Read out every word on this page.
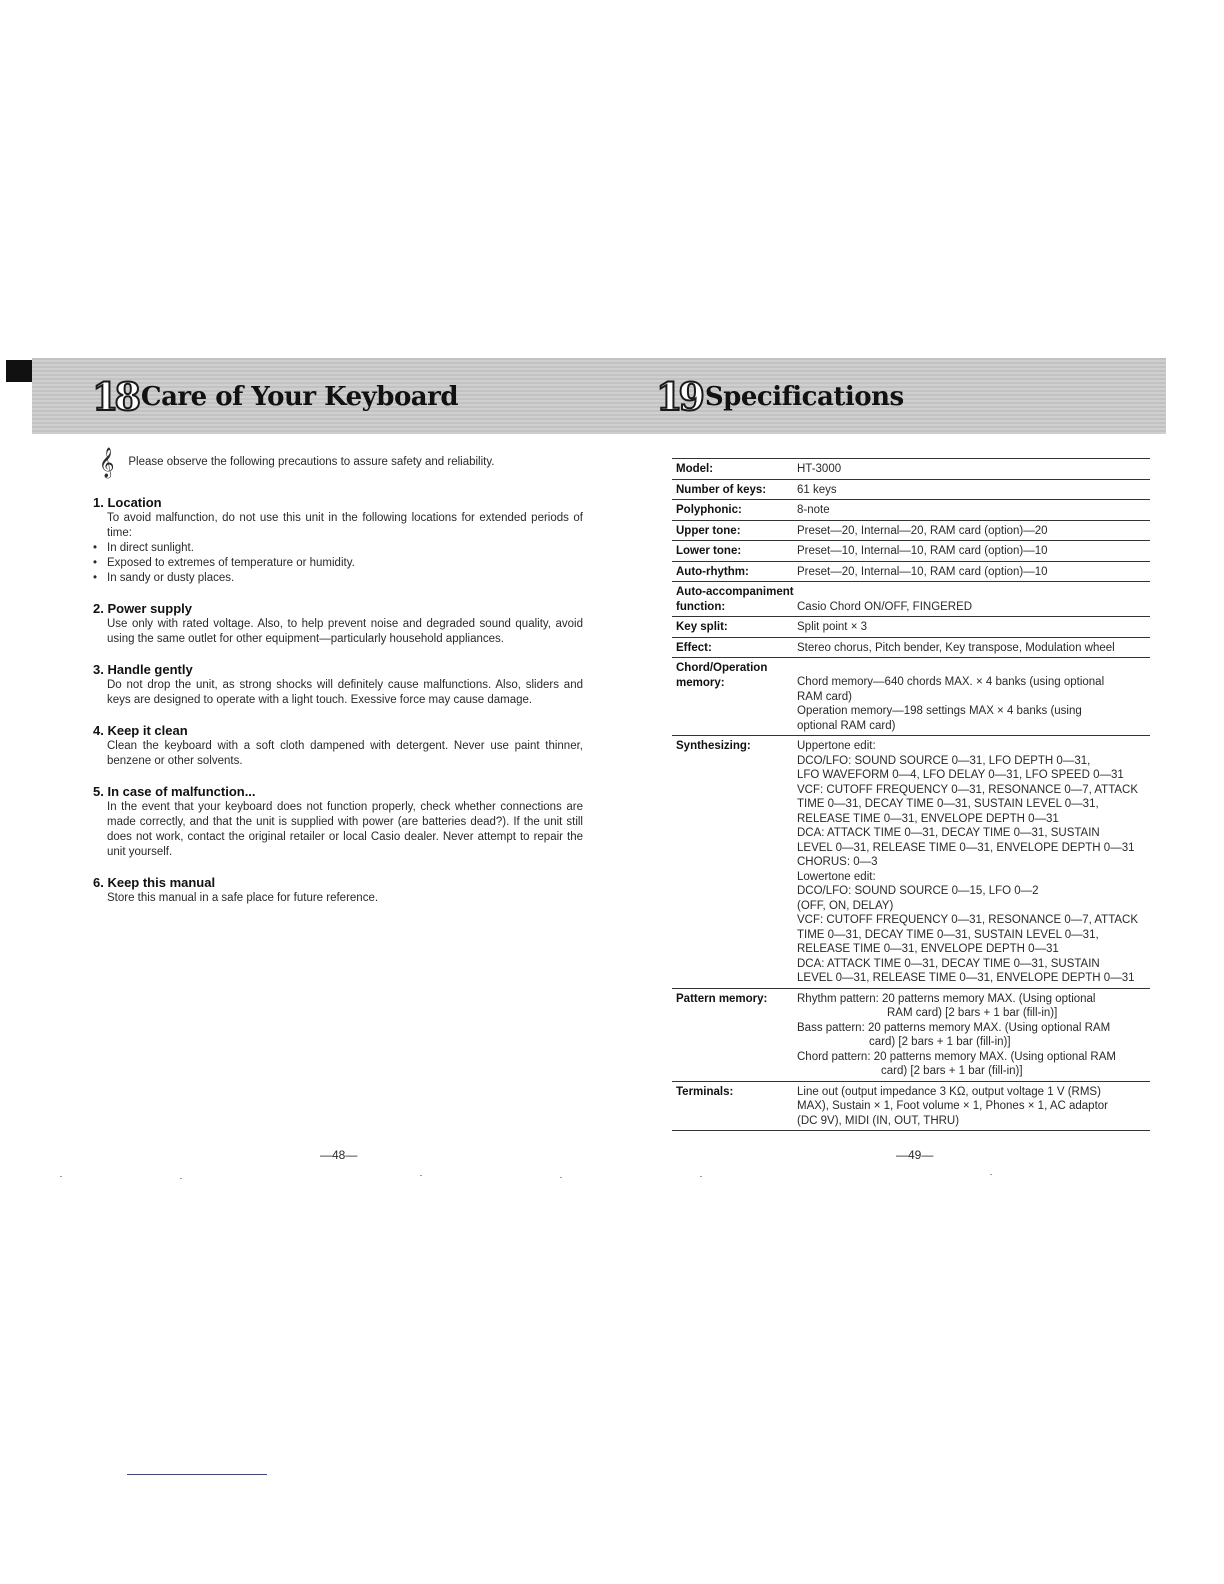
18 Care of Your Keyboard	19 Specifications
𝄞 Please observe the following precautions to assure safety and reliability.
1. Location
To avoid malfunction, do not use this unit in the following locations for extended periods of time:
• In direct sunlight.
• Exposed to extremes of temperature or humidity.
• In sandy or dusty places.
2. Power supply
Use only with rated voltage. Also, to help prevent noise and degraded sound quality, avoid using the same outlet for other equipment—particularly household appliances.
3. Handle gently
Do not drop the unit, as strong shocks will definitely cause malfunctions. Also, sliders and keys are designed to operate with a light touch. Exessive force may cause damage.
4. Keep it clean
Clean the keyboard with a soft cloth dampened with detergent. Never use paint thinner, benzene or other solvents.
5. In case of malfunction...
In the event that your keyboard does not function properly, check whether connections are made correctly, and that the unit is supplied with power (are batteries dead?). If the unit still does not work, contact the original retailer or local Casio dealer. Never attempt to repair the unit yourself.
6. Keep this manual
Store this manual in a safe place for future reference.
Model:	HT-3000
Number of keys:	61 keys
Polyphonic:	8-note
Upper tone:	Preset—20, Internal—20, RAM card (option)—20
Lower tone:	Preset—10, Internal—10, RAM card (option)—10
Auto-rhythm:	Preset—20, Internal—10, RAM card (option)—10
Auto-accompaniment
function:	Casio Chord ON/OFF, FINGERED
Key split:	Split point × 3
Effect:	Stereo chorus, Pitch bender, Key transpose, Modulation wheel
Chord/Operation
memory:	Chord memory—640 chords MAX. × 4 banks (using optional
RAM card)
Operation memory—198 settings MAX × 4 banks (using
optional RAM card)
Synthesizing:	Uppertone edit:
DCO/LFO: SOUND SOURCE 0—31, LFO DEPTH 0—31,
LFO WAVEFORM 0—4, LFO DELAY 0—31, LFO SPEED 0—31
VCF: CUTOFF FREQUENCY 0—31, RESONANCE 0—7, ATTACK
TIME 0—31, DECAY TIME 0—31, SUSTAIN LEVEL 0—31,
RELEASE TIME 0—31, ENVELOPE DEPTH 0—31
DCA: ATTACK TIME 0—31, DECAY TIME 0—31, SUSTAIN
LEVEL 0—31, RELEASE TIME 0—31, ENVELOPE DEPTH 0—31
CHORUS: 0—3
Lowertone edit:
DCO/LFO: SOUND SOURCE 0—15, LFO 0—2
(OFF, ON, DELAY)
VCF: CUTOFF FREQUENCY 0—31, RESONANCE 0—7, ATTACK
TIME 0—31, DECAY TIME 0—31, SUSTAIN LEVEL 0—31,
RELEASE TIME 0—31, ENVELOPE DEPTH 0—31
DCA: ATTACK TIME 0—31, DECAY TIME 0—31, SUSTAIN
LEVEL 0—31, RELEASE TIME 0—31, ENVELOPE DEPTH 0—31
Pattern memory:	Rhythm pattern: 20 patterns memory MAX. (Using optional
RAM card) [2 bars + 1 bar (fill-in)]
Bass pattern: 20 patterns memory MAX. (Using optional RAM
card) [2 bars + 1 bar (fill-in)]
Chord pattern: 20 patterns memory MAX. (Using optional RAM
card) [2 bars + 1 bar (fill-in)]
Terminals:	Line out (output impedance 3 KΩ, output voltage 1 V (RMS)
MAX), Sustain × 1, Foot volume × 1, Phones × 1, AC adaptor
(DC 9V), MIDI (IN, OUT, THRU)
—48—	—49—
